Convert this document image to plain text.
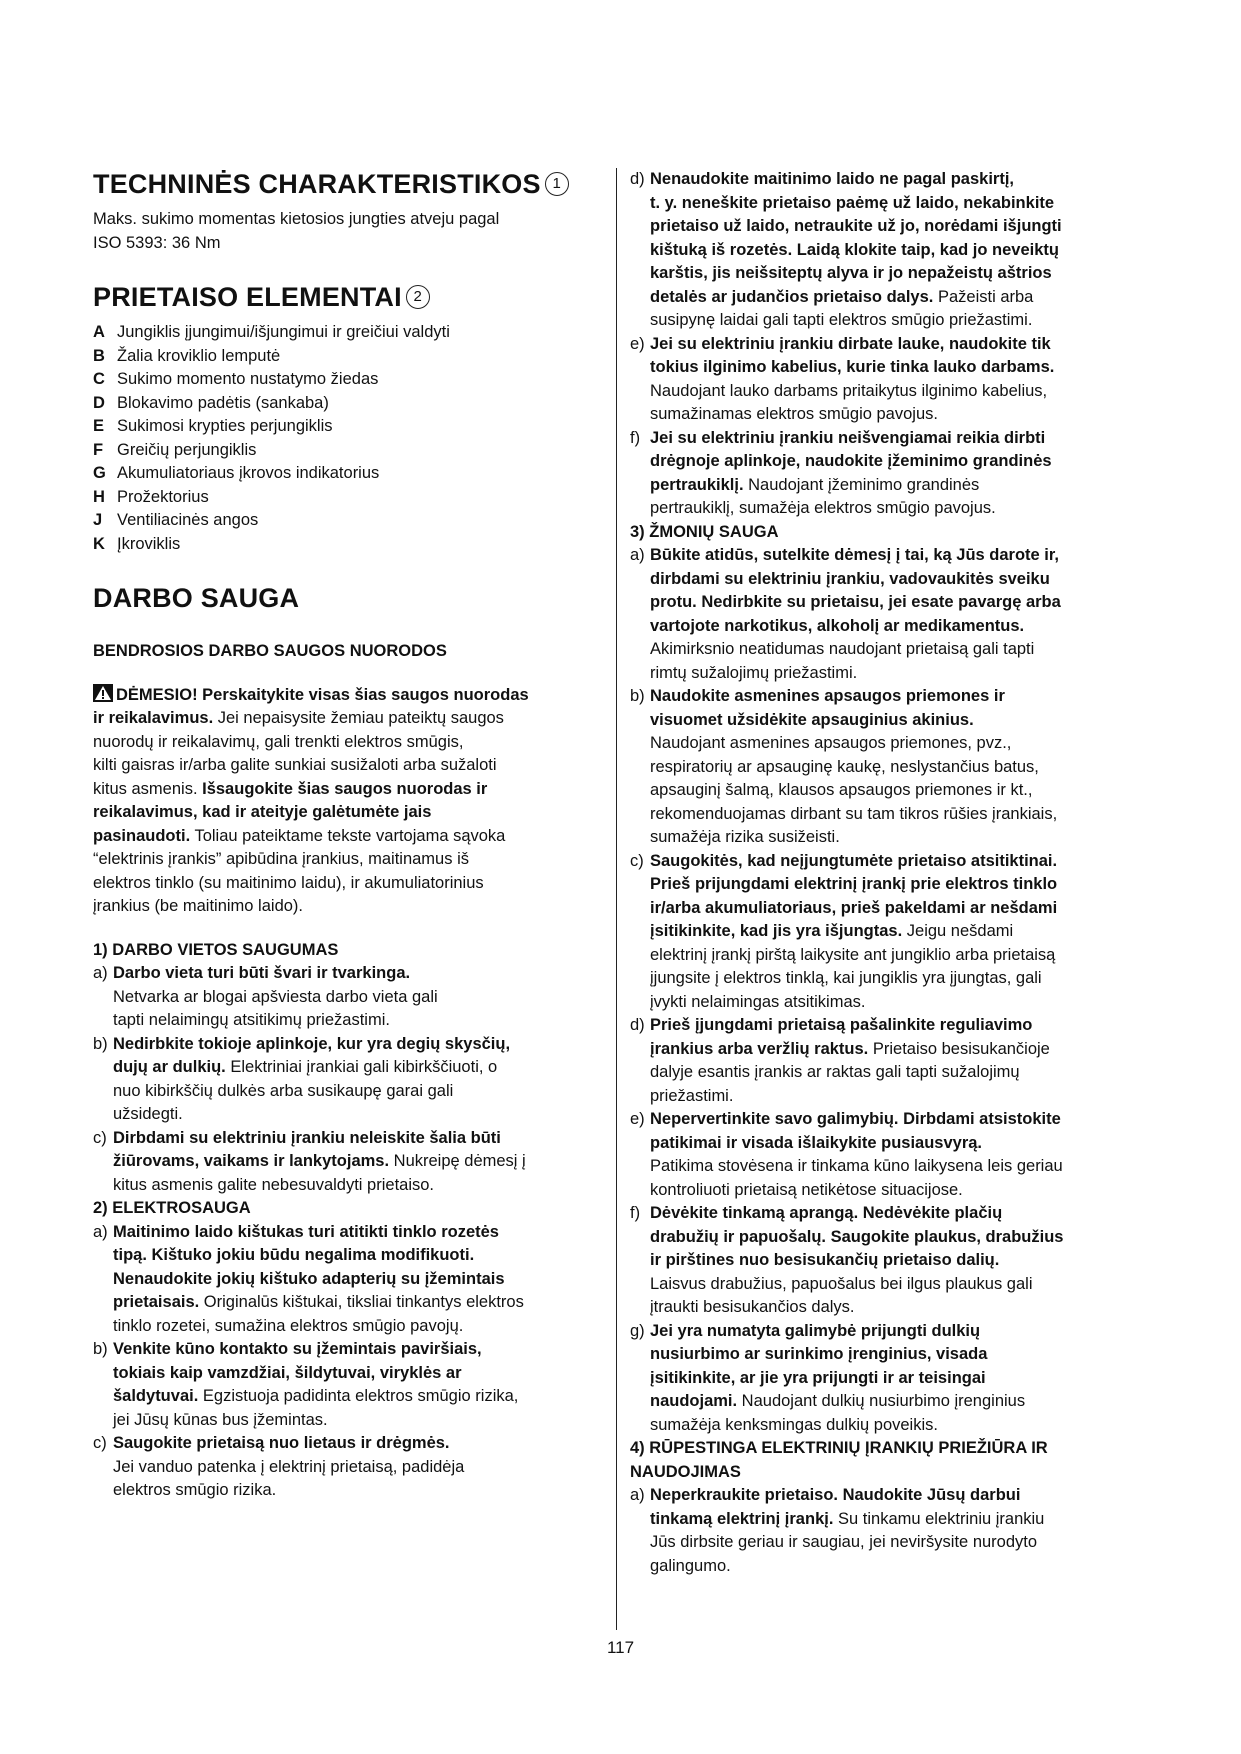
TECHNINĖS CHARAKTERISTIKOS 1

Maks. sukimo momentas kietosios jungties atveju pagal
ISO 5393: 36 Nm

PRIETAISO ELEMENTAI 2
A Jungiklis įjungimui/išjungimui ir greičiui valdyti
B Žalia kroviklio lemputė
C Sukimo momento nustatymo žiedas
D Blokavimo padėtis (sankaba)
E Sukimosi krypties perjungiklis
F Greičių perjungiklis
G Akumuliatoriaus įkrovos indikatorius
H Prožektorius
J Ventiliacinės angos
K Įkroviklis
DARBO SAUGA
BENDROSIOS DARBO SAUGOS NUORODOS

DĖMESIO! Perskaitykite visas šias saugos nuorodas
ir reikalavimus. Jei nepaisysite žemiau pateiktų saugos
nuorodų ir reikalavimų, gali trenkti elektros smūgis,
kilti gaisras ir/arba galite sunkiai susižaloti arba sužaloti
kitus asmenis. Išsaugokite šias saugos nuorodas ir
reikalavimus, kad ir ateityje galėtumėte jais
pasinaudoti. Toliau pateiktame tekste vartojama sąvoka
“elektrinis įrankis” apibūdina įrankius, maitinamus iš
elektros tinklo (su maitinimo laidu), ir akumuliatorinius
įrankius (be maitinimo laido).

1) DARBO VIETOS SAUGUMAS

a) Darbo vieta turi būti švari ir tvarkinga.

Netvarka ar blogai apšviesta darbo vieta gali
tapti nelaimingų atsitikimų priežastimi.

b) Nedirbkite tokioje aplinkoje, kur yra degių skysčių,

dujų ar dulkių. Elektriniai įrankiai gali kibirkščiuoti, o
nuo kibirkščių dulkės arba susikaupę garai gali
užsidegti.

c) Dirbdami su elektriniu įrankiu neleiskite šalia būti

žiūrovams, vaikams ir lankytojams. Nukreipę dėmesį į
kitus asmenis galite nebesuvaldyti prietaiso.

2) ELEKTROSAUGA

a) Maitinimo laido kištukas turi atitikti tinklo rozetės

tipą. Kištuko jokiu būdu negalima modifikuoti.
Nenaudokite jokių kištuko adapterių su įžemintais
prietaisais. Originalūs kištukai, tiksliai tinkantys elektros
tinklo rozetei, sumažina elektros smūgio pavojų.

b) Venkite kūno kontakto su įžemintais paviršiais,

tokiais kaip vamzdžiai, šildytuvai, viryklės ar
šaldytuvai. Egzistuoja padidinta elektros smūgio rizika,
jei Jūsų kūnas bus įžemintas.

c) Saugokite prietaisą nuo lietaus ir drėgmės.

Jei vanduo patenka į elektrinį prietaisą, padidėja
elektros smūgio rizika.

d) Nenaudokite maitinimo laido ne pagal paskirtį,

t. y. neneškite prietaiso paėmę už laido, nekabinkite
prietaiso už laido, netraukite už jo, norėdami išjungti
kištuką iš rozetės. Laidą klokite taip, kad jo neveiktų
karštis, jis neišsiteptų alyva ir jo nepažeistų aštrios
detalės ar judančios prietaiso dalys. Pažeisti arba
susipynę laidai gali tapti elektros smūgio priežastimi.

e) Jei su elektriniu įrankiu dirbate lauke, naudokite tik

tokius ilginimo kabelius, kurie tinka lauko darbams.
Naudojant lauko darbams pritaikytus ilginimo kabelius,
sumažinamas elektros smūgio pavojus.

f) Jei su elektriniu įrankiu neišvengiamai reikia dirbti

drėgnoje aplinkoje, naudokite įžeminimo grandinės
pertraukiklį. Naudojant įžeminimo grandinės
pertraukiklį, sumažėja elektros smūgio pavojus.

3) ŽMONIŲ SAUGA

a) Būkite atidūs, sutelkite dėmesį į tai, ką Jūs darote ir,

dirbdami su elektriniu įrankiu, vadovaukitės sveiku
protu. Nedirbkite su prietaisu, jei esate pavargę arba
vartojote narkotikus, alkoholį ar medikamentus.
Akimirksnio neatidumas naudojant prietaisą gali tapti
rimtų sužalojimų priežastimi.

b) Naudokite asmenines apsaugos priemones ir

visuomet užsidėkite apsauginius akinius.
Naudojant asmenines apsaugos priemones, pvz.,
respiratorių ar apsauginę kaukę, neslystančius batus,
apsauginį šalmą, klausos apsaugos priemones ir kt.,
rekomenduojamas dirbant su tam tikros rūšies įrankiais,
sumažėja rizika susižeisti.

c) Saugokitės, kad neįjungtumėte prietaiso atsitiktinai.

Prieš prijungdami elektrinį įrankį prie elektros tinklo
ir/arba akumuliatoriaus, prieš pakeldami ar nešdami
įsitikinkite, kad jis yra išjungtas. Jeigu nešdami
elektrinį įrankį pirštą laikysite ant jungiklio arba prietaisą
įjungsite į elektros tinklą, kai jungiklis yra įjungtas, gali
įvykti nelaimingas atsitikimas.

d) Prieš įjungdami prietaisą pašalinkite reguliavimo

įrankius arba veržlių raktus. Prietaiso besisukančioje
dalyje esantis įrankis ar raktas gali tapti sužalojimų
priežastimi.

e) Nepervertinkite savo galimybių. Dirbdami atsistokite

patikimai ir visada išlaikykite pusiausvyrą.
Patikima stovėsena ir tinkama kūno laikysena leis geriau
kontroliuoti prietaisą netikėtose situacijose.

f) Dėvėkite tinkamą aprangą. Nedėvėkite plačių

drabužių ir papuošalų. Saugokite plaukus, drabužius
ir pirštines nuo besisukančių prietaiso dalių.
Laisvus drabužius, papuošalus bei ilgus plaukus gali
įtraukti besisukančios dalys.

g) Jei yra numatyta galimybė prijungti dulkių

nusiurbimo ar surinkimo įrenginius, visada
įsitikinkite, ar jie yra prijungti ir ar teisingai
naudojami. Naudojant dulkių nusiurbimo įrenginius
sumažėja kenksmingas dulkių poveikis.

4) RŪPESTINGA ELEKTRINIŲ ĮRANKIŲ PRIEŽIŪRA IR
NAUDOJIMAS

a) Neperkraukite prietaiso. Naudokite Jūsų darbui

tinkamą elektrinį įrankį. Su tinkamu elektriniu įrankiu
Jūs dirbsite geriau ir saugiau, jei neviršysite nurodyto
galingumo.

117
